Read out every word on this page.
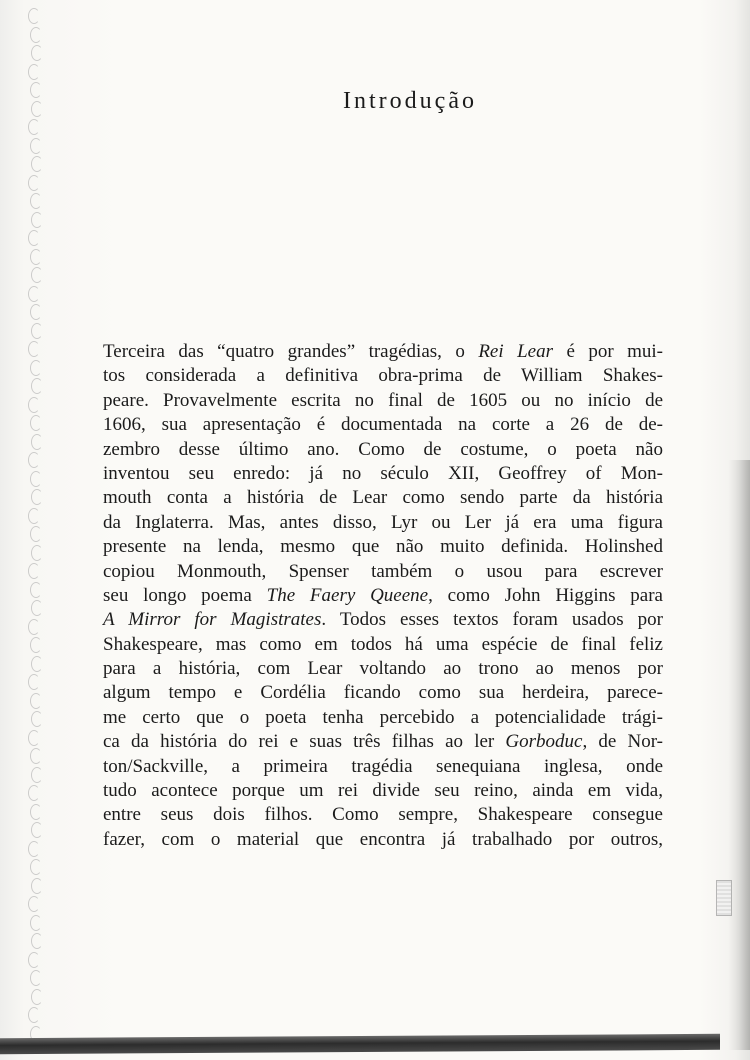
Introdução
Terceira das “quatro grandes” tragédias, o Rei Lear é por mui-
tos considerada a definitiva obra-prima de William Shakes-
peare. Provavelmente escrita no final de 1605 ou no início de
1606, sua apresentação é documentada na corte a 26 de de-
zembro desse último ano. Como de costume, o poeta não
inventou seu enredo: já no século XII, Geoffrey of Mon-
mouth conta a história de Lear como sendo parte da história
da Inglaterra. Mas, antes disso, Lyr ou Ler já era uma figura
presente na lenda, mesmo que não muito definida. Holinshed
copiou Monmouth, Spenser também o usou para escrever
seu longo poema The Faery Queene, como John Higgins para
A Mirror for Magistrates. Todos esses textos foram usados por
Shakespeare, mas como em todos há uma espécie de final feliz
para a história, com Lear voltando ao trono ao menos por
algum tempo e Cordélia ficando como sua herdeira, parece-
me certo que o poeta tenha percebido a potencialidade trági-
ca da história do rei e suas três filhas ao ler Gorboduc, de Nor-
ton/Sackville, a primeira tragédia senequiana inglesa, onde
tudo acontece porque um rei divide seu reino, ainda em vida,
entre seus dois filhos. Como sempre, Shakespeare consegue
fazer, com o material que encontra já trabalhado por outros,
